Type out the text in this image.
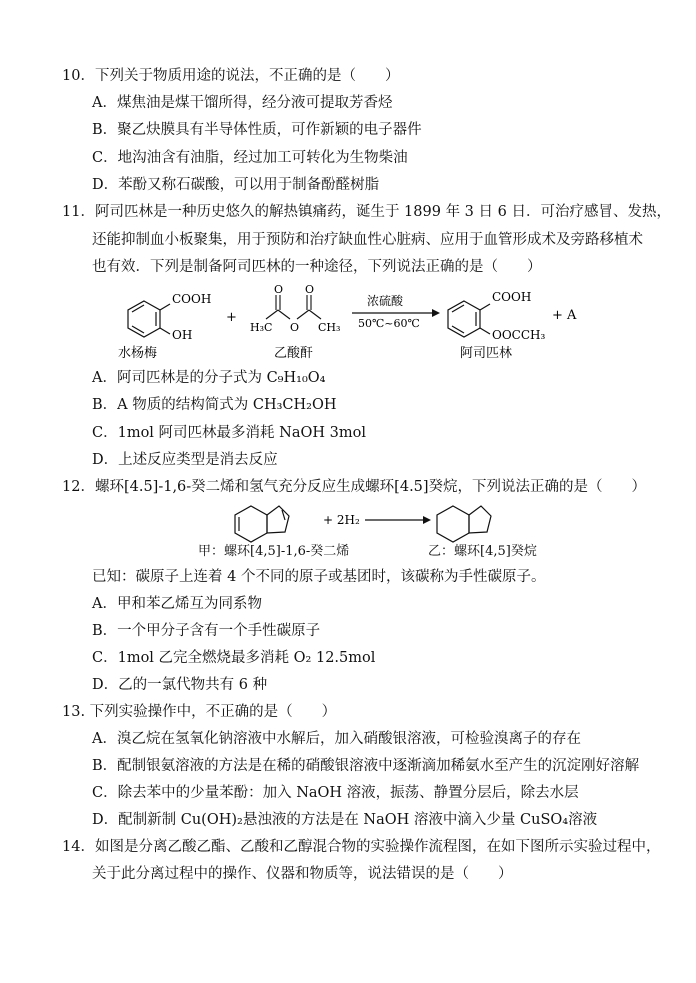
10．下列关于物质用途的说法，不正确的是（　　）
A．煤焦油是煤干馏所得，经分液可提取芳香烃
B．聚乙炔膜具有半导体性质，可作新颖的电子器件
C．地沟油含有油脂，经过加工可转化为生物柴油
D．苯酚又称石碳酸，可以用于制备酚醛树脂
11．阿司匹林是一种历史悠久的解热镇痛药，诞生于 1899 年 3 日 6 日．可治疗感冒、发热，
还能抑制血小板聚集，用于预防和治疗缺血性心脏病、应用于血管形成术及旁路移植术
也有效．下列是制备阿司匹林的一种途径，下列说法正确的是（　　）
COOH
OH
水杨梅
+
O O
H₃C O CH₃
乙酸酐
浓硫酸
50℃~60℃
COOH
OOCCH₃
阿司匹林
+ A
A．阿司匹林是的分子式为 C₉H₁₀O₄
B．A 物质的结构简式为 CH₃CH₂OH
C．1mol 阿司匹林最多消耗 NaOH 3mol
D．上述反应类型是消去反应
12．螺环[4.5]-1,6-癸二烯和氢气充分反应生成螺环[4.5]癸烷，下列说法正确的是（　　）
+ 2H₂
甲：螺环[4,5]-1,6-癸二烯	乙：螺环[4,5]癸烷
已知：碳原子上连着 4 个不同的原子或基团时，该碳称为手性碳原子。
A．甲和苯乙烯互为同系物
B．一个甲分子含有一个手性碳原子
C．1mol 乙完全燃烧最多消耗 O₂ 12.5mol
D．乙的一氯代物共有 6 种
13. 下列实验操作中，不正确的是（　　）
A．溴乙烷在氢氧化钠溶液中水解后，加入硝酸银溶液，可检验溴离子的存在
B．配制银氨溶液的方法是在稀的硝酸银溶液中逐渐滴加稀氨水至产生的沉淀刚好溶解
C．除去苯中的少量苯酚：加入 NaOH 溶液，振荡、静置分层后，除去水层
D．配制新制 Cu(OH)₂悬浊液的方法是在 NaOH 溶液中滴入少量 CuSO₄溶液
14．如图是分离乙酸乙酯、乙酸和乙醇混合物的实验操作流程图，在如下图所示实验过程中，
关于此分离过程中的操作、仪器和物质等，说法错误的是（　　）
